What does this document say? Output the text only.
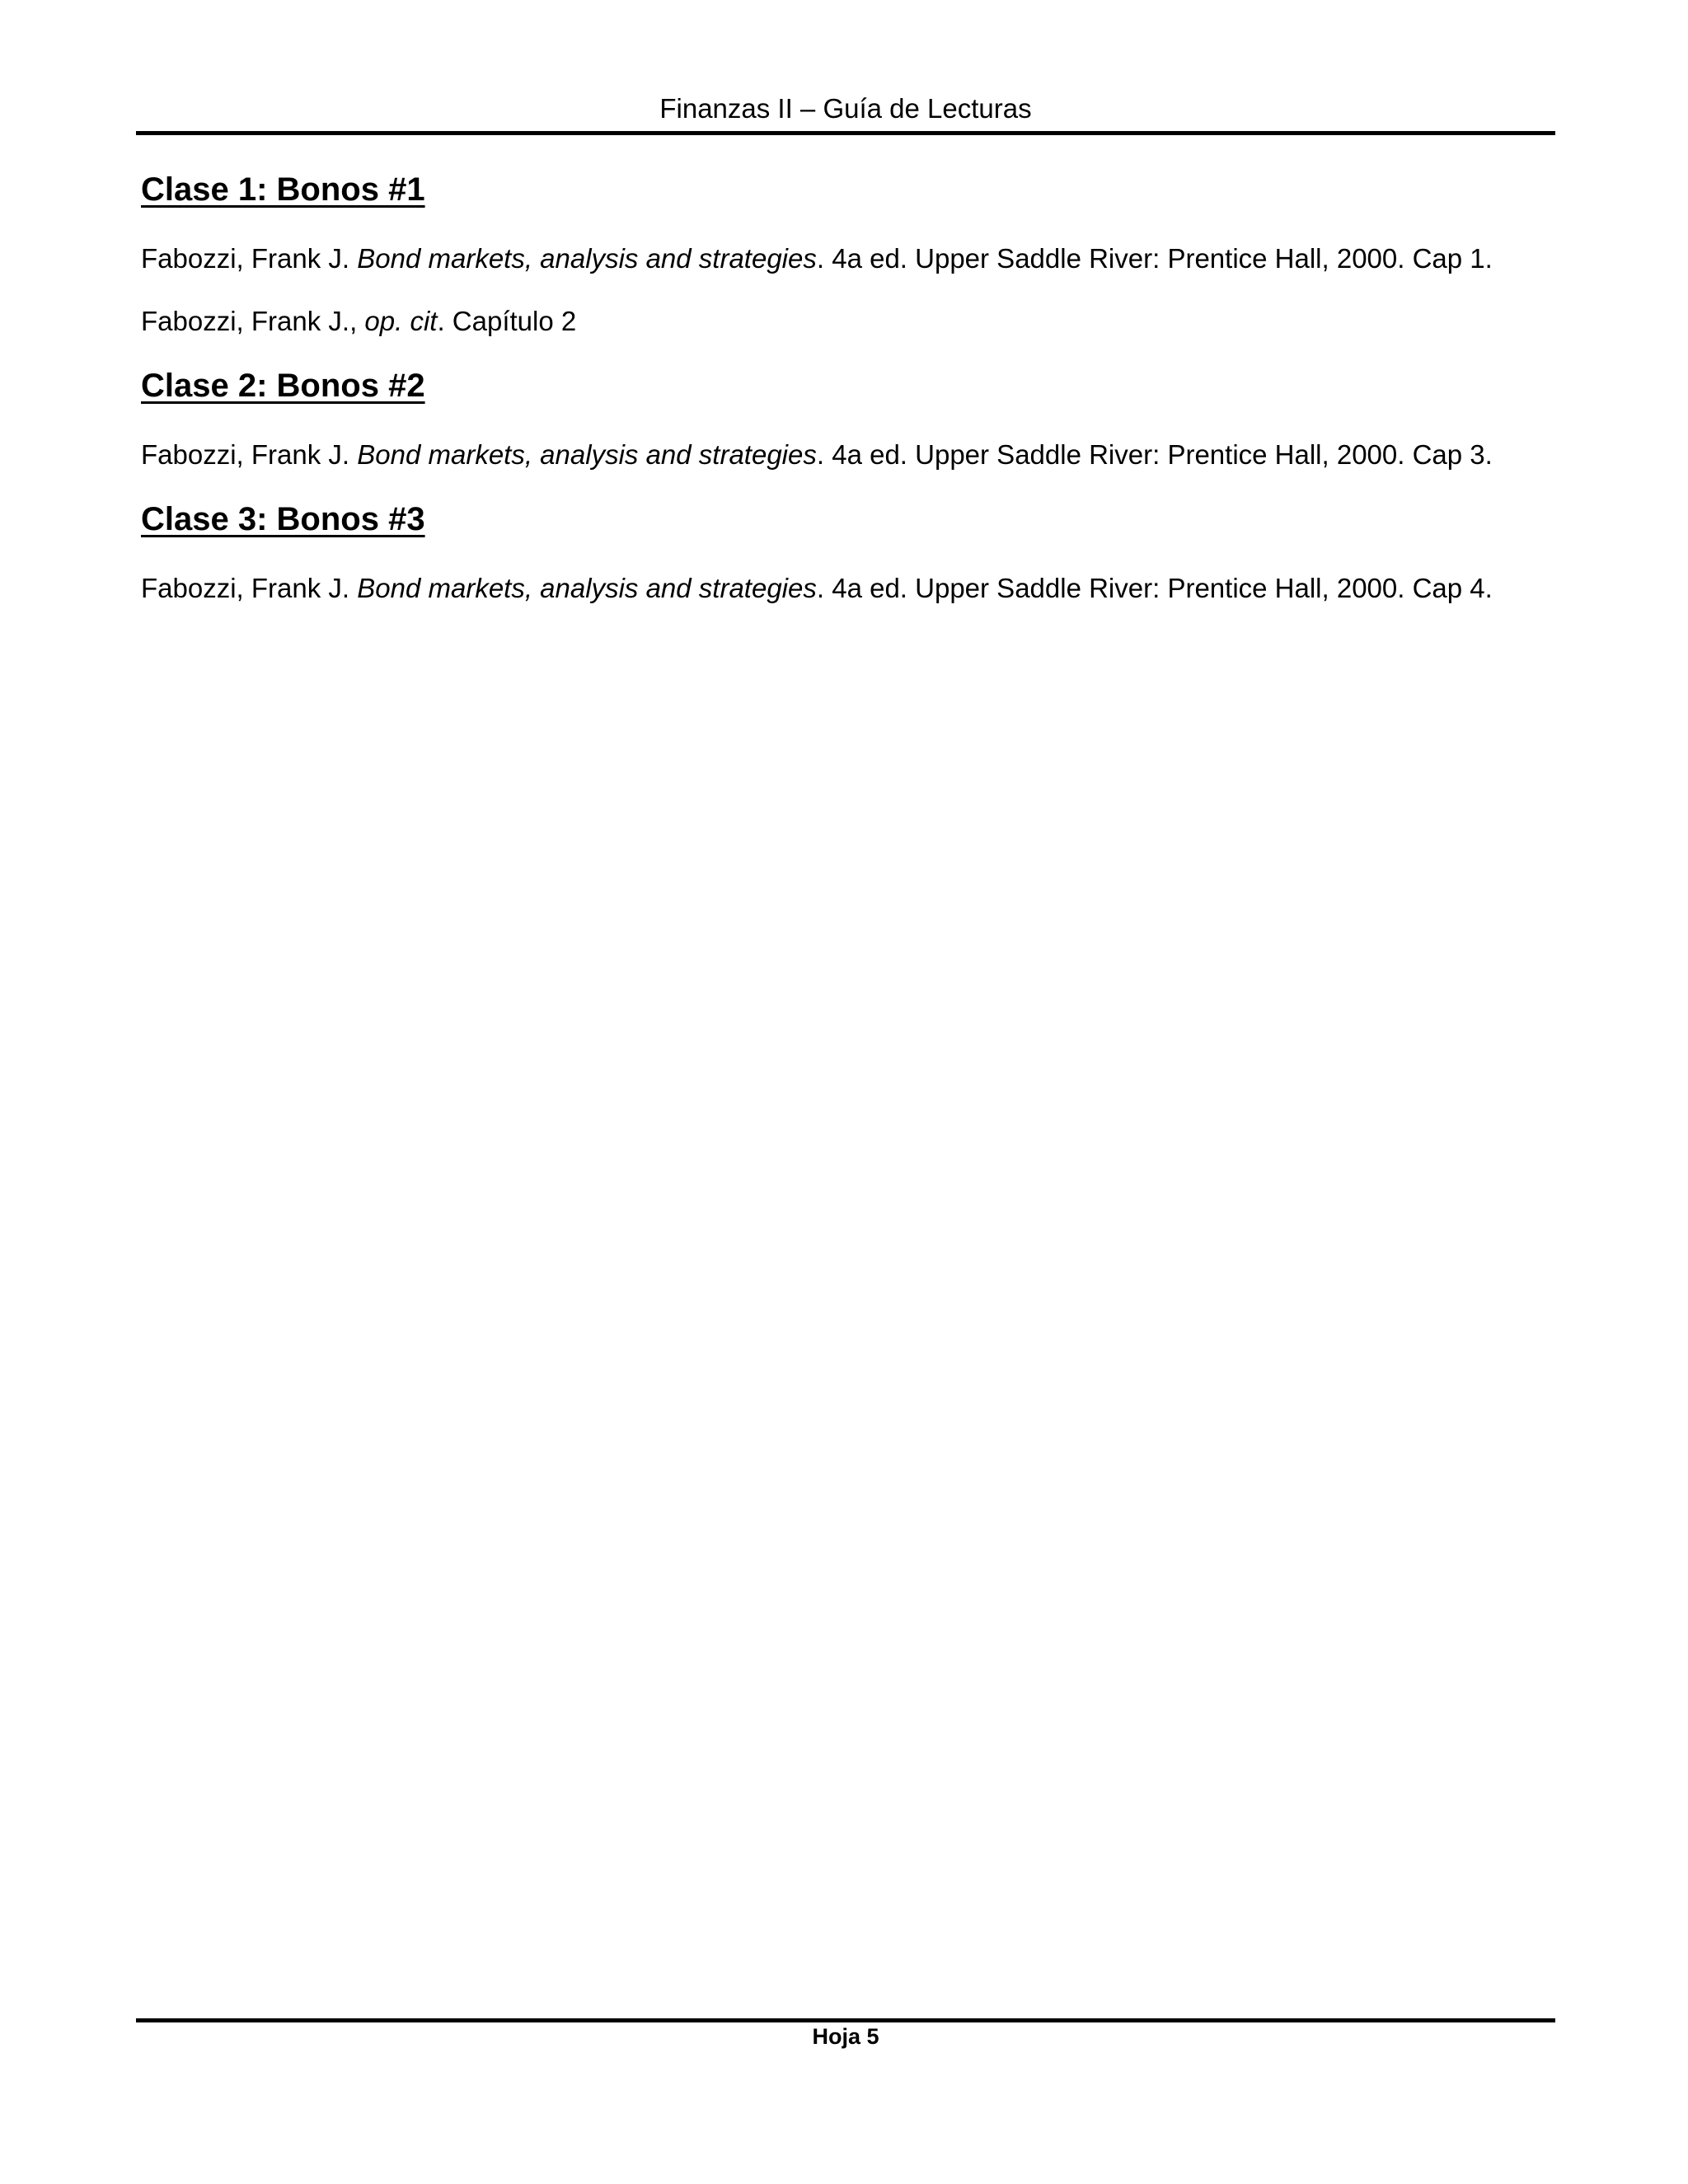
Finanzas II – Guía de Lecturas
Clase 1: Bonos #1
Fabozzi, Frank J. Bond markets, analysis and strategies. 4a ed. Upper Saddle River: Prentice Hall, 2000. Cap 1.
Fabozzi, Frank J., op. cit. Capítulo 2
Clase 2: Bonos #2
Fabozzi, Frank J. Bond markets, analysis and strategies. 4a ed. Upper Saddle River: Prentice Hall, 2000. Cap 3.
Clase 3: Bonos #3
Fabozzi, Frank J. Bond markets, analysis and strategies. 4a ed. Upper Saddle River: Prentice Hall, 2000. Cap 4.
Hoja 5
